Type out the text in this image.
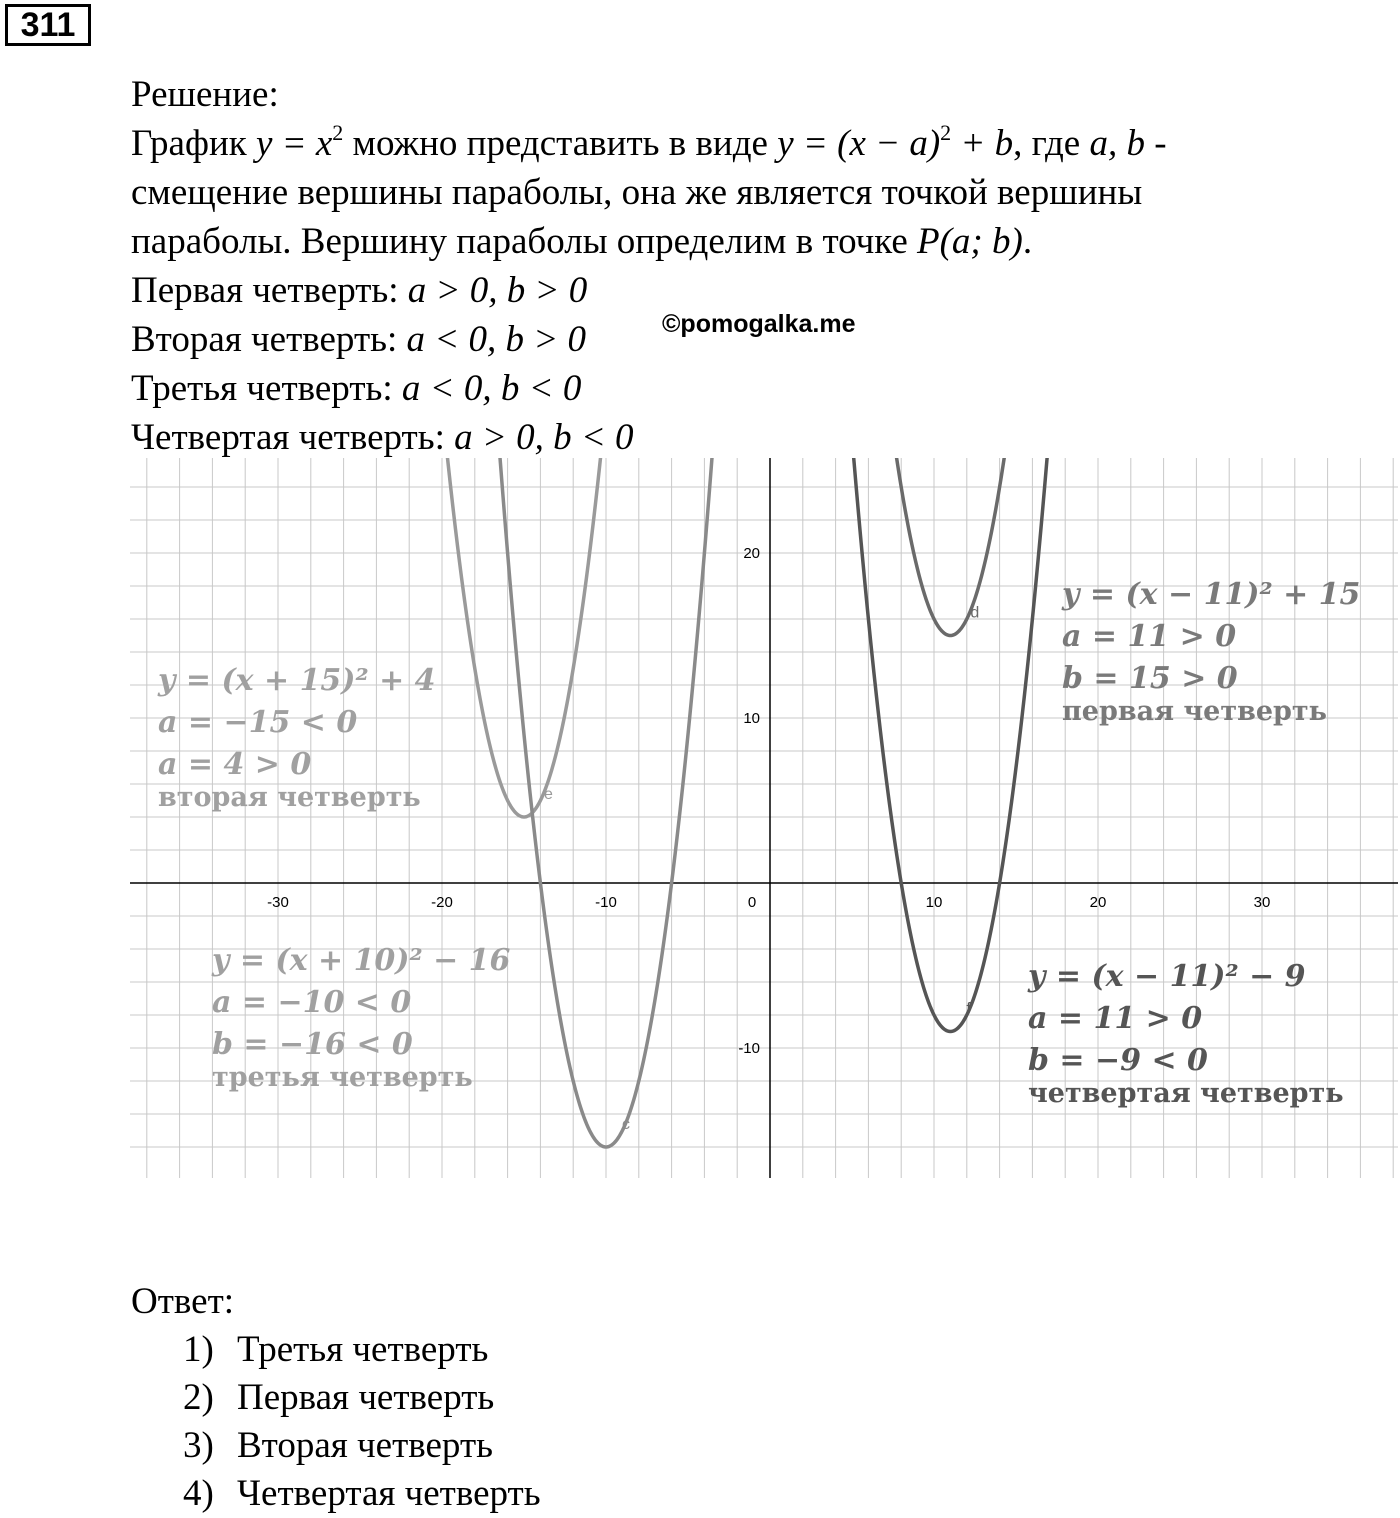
311
Решение:
График $y = x^2$ можно представить в виде $y = (x - a)^2 + b$, где a, b -
смещение вершины параболы, она же является точкой вершины
параболы. Вершину параболы определим в точке P(a; b).
Первая четверть: a > 0, b > 0
Вторая четверть: a < 0, b > 0
Третья четверть: a < 0, b < 0
Четвертая четверть: a > 0, b < 0
©pomogalka.me
-30	-20	-10	0	10	20	30
20
10
-10
e
c
d
f
y = (x + 15)² + 4
a = −15 < 0
a = 4 > 0
вторая четверть
y = (x + 10)² − 16
a = −10 < 0
b = −16 < 0
третья четверть
y = (x − 11)² + 15
a = 11 > 0
b = 15 > 0
первая четверть
y = (x − 11)² − 9
a = 11 > 0
b = −9 < 0
четвертая четверть
Ответ:
1) Третья четверть
2) Первая четверть
3) Вторая четверть
4) Четвертая четверть
